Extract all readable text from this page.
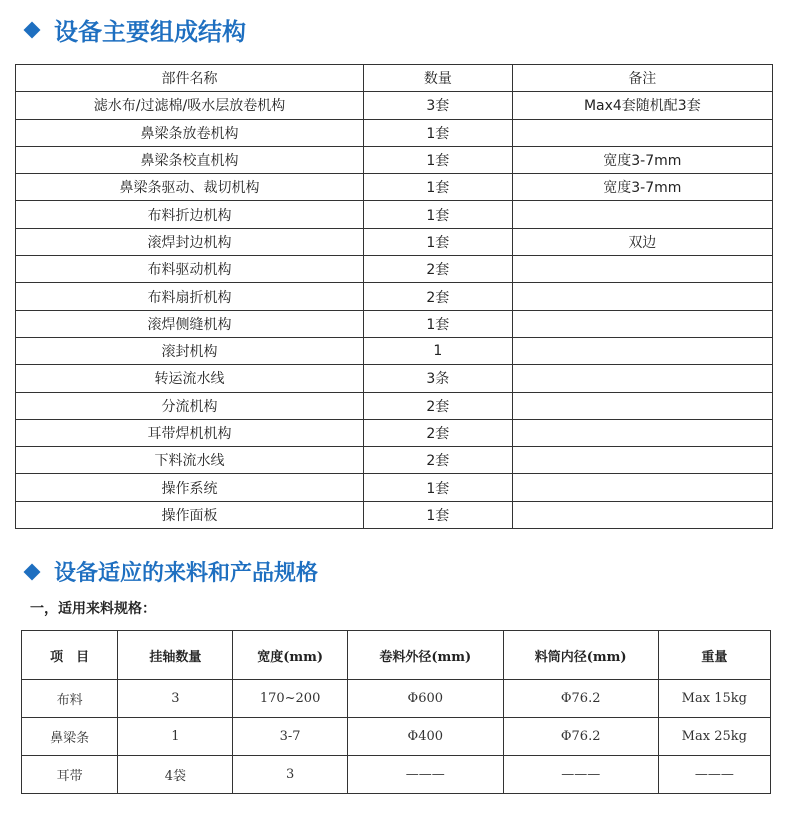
设备主要组成结构
部件名称	数量	备注
滤水布/过滤棉/吸水层放卷机构	3套	Max4套随机配3套
鼻梁条放卷机构	1套	
鼻梁条校直机构	1套	宽度3-7mm
鼻梁条驱动、裁切机构	1套	宽度3-7mm
布料折边机构	1套	
滚焊封边机构	1套	双边
布料驱动机构	2套	
布料扇折机构	2套	
滚焊侧缝机构	1套	
滚封机构	1	
转运流水线	3条	
分流机构	2套	
耳带焊机机构	2套	
下料流水线	2套	
操作系统	1套	
操作面板	1套	
设备适应的来料和产品规格
一，适用来料规格：
项　目	挂轴数量	宽度(mm)	卷料外径(mm)	料筒内径(mm)	重量
布料	3	170~200	Φ600	Φ76.2	Max 15kg
鼻梁条	1	3-7	Φ400	Φ76.2	Max 25kg
耳带	4袋	3	———	———	———
